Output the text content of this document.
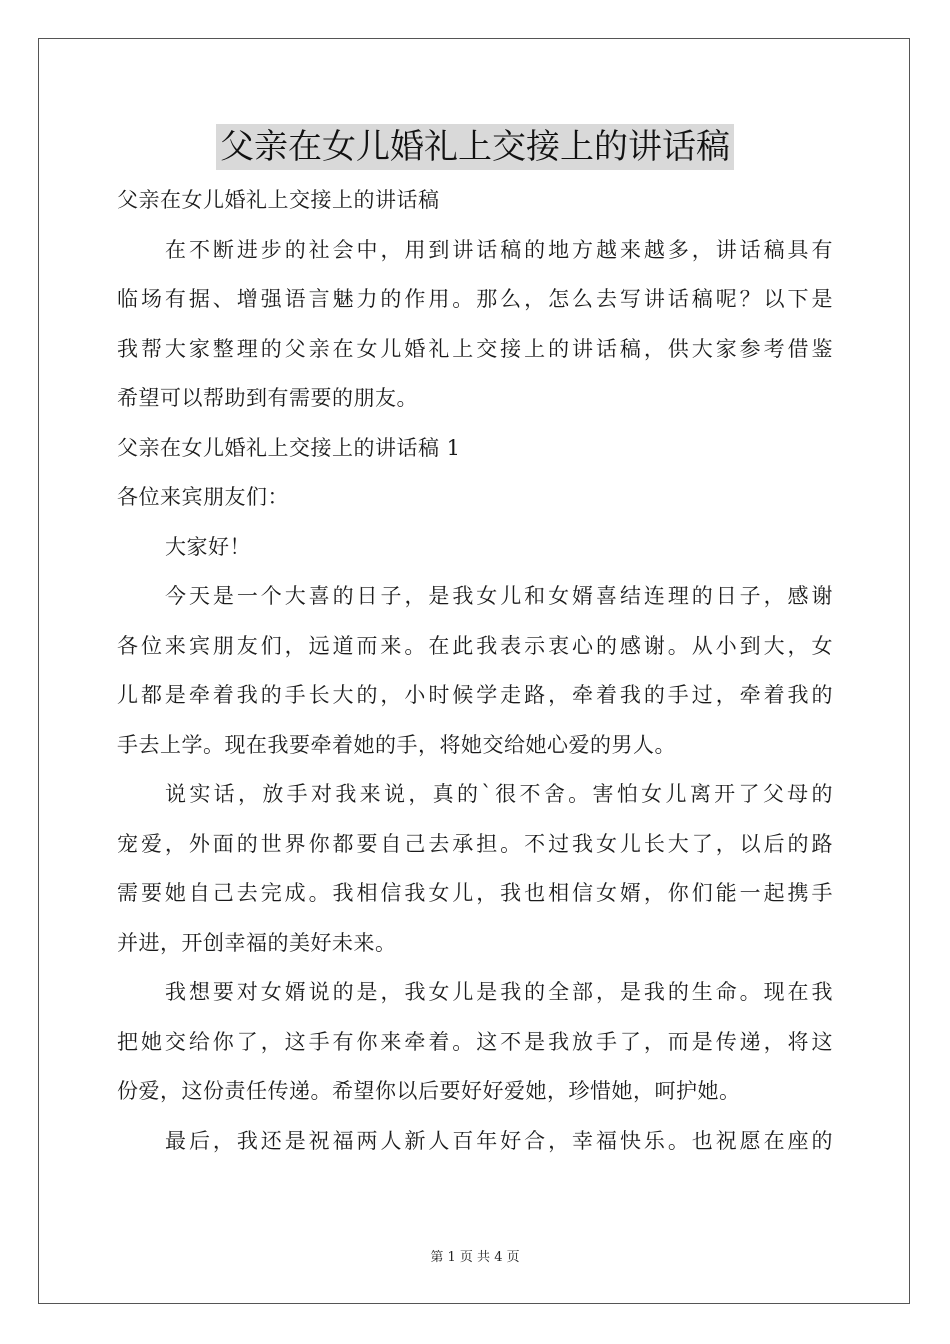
父亲在女儿婚礼上交接上的讲话稿
父亲在女儿婚礼上交接上的讲话稿
在不断进步的社会中，用到讲话稿的地方越来越多，讲话稿具有
临场有据、增强语言魅力的作用。那么，怎么去写讲话稿呢？以下是
我帮大家整理的父亲在女儿婚礼上交接上的讲话稿，供大家参考借鉴
希望可以帮助到有需要的朋友。
父亲在女儿婚礼上交接上的讲话稿 1
各位来宾朋友们：
大家好！
今天是一个大喜的日子，是我女儿和女婿喜结连理的日子，感谢
各位来宾朋友们，远道而来。在此我表示衷心的感谢。从小到大，女
儿都是牵着我的手长大的，小时候学走路，牵着我的手过，牵着我的
手去上学。现在我要牵着她的手，将她交给她心爱的男人。
说实话，放手对我来说，真的`很不舍。害怕女儿离开了父母的
宠爱，外面的世界你都要自己去承担。不过我女儿长大了，以后的路
需要她自己去完成。我相信我女儿，我也相信女婿，你们能一起携手
并进，开创幸福的美好未来。
我想要对女婿说的是，我女儿是我的全部，是我的生命。现在我
把她交给你了，这手有你来牵着。这不是我放手了，而是传递，将这
份爱，这份责任传递。希望你以后要好好爱她，珍惜她，呵护她。
最后，我还是祝福两人新人百年好合，幸福快乐。也祝愿在座的
第 1 页 共 4 页
